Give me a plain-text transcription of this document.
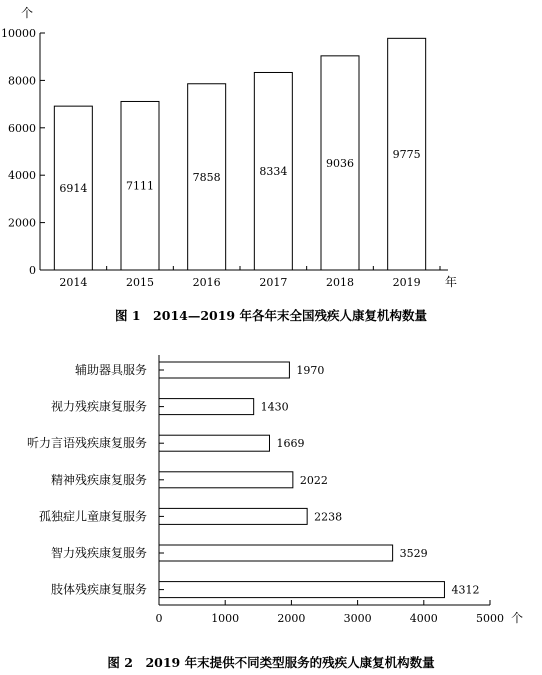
0
2000
4000
6000
8000
10000
个
6914
2014
7111
2015
7858
2016
8334
2017
9036
2018
9775
2019 年
图 1　2014—2019 年各年末全国残疾人康复机构数量
0	1000	2000	3000	4000	5000 个
1970
辅助器具服务
1430
视力残疾康复服务
1669
听力言语残疾康复服务
2022
精神残疾康复服务
2238
孤独症儿童康复服务
3529
智力残疾康复服务
4312
肢体残疾康复服务
图 2　2019 年末提供不同类型服务的残疾人康复机构数量
